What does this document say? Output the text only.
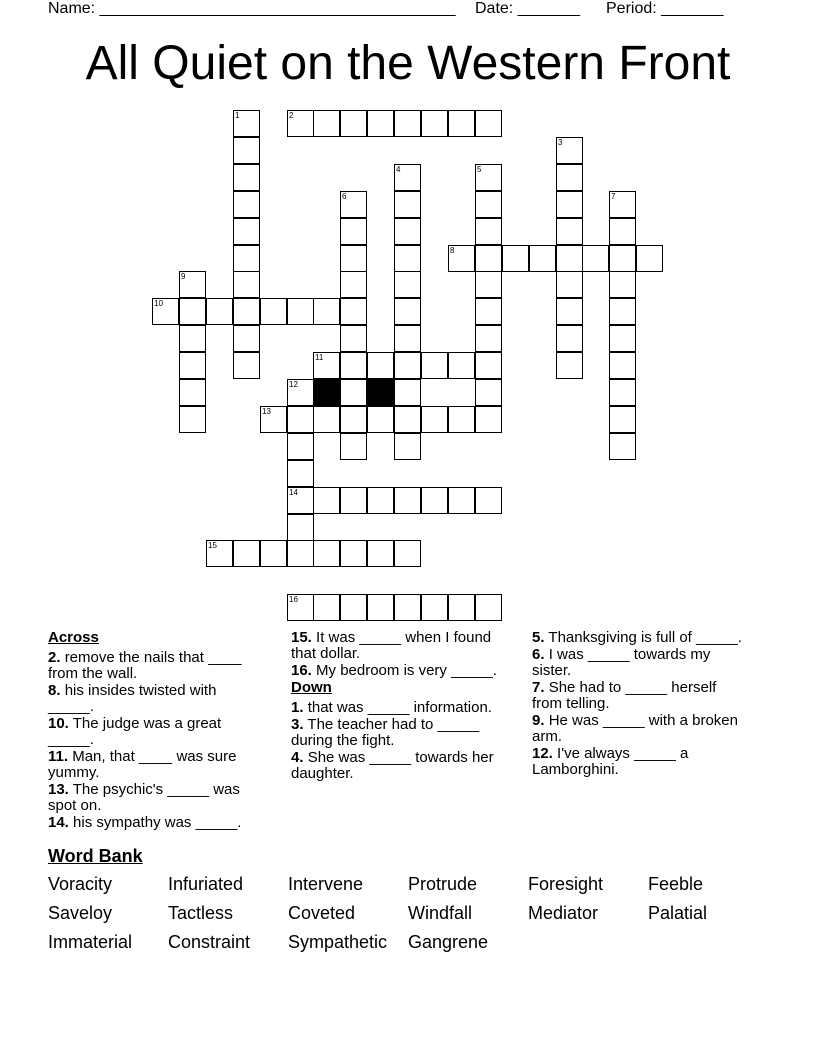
Name: ________________________________________ Date: _______ Period: _______
All Quiet on the Western Front
2
8
10
11
13
14
15
16
1
3
4	5
6	7
9
12
Across
2. remove the nails that ____ from the wall.
8. his insides twisted with _____.
10. The judge was a great _____.
11. Man, that ____ was sure yummy.
13. The psychic's _____ was spot on.
14. his sympathy was _____.
15. It was _____ when I found that dollar.
16. My bedroom is very _____.
Down
1. that was _____ information.
3. The teacher had to _____ during the fight.
4. She was _____ towards her daughter.
5. Thanksgiving is full of _____.
6. I was _____ towards my sister.
7. She had to _____ herself from telling.
9. He was _____ with a broken arm.
12. I've always _____ a Lamborghini.
Word Bank
Voracity	Infuriated Intervene Protrude	Foresight Feeble
Saveloy	Tactless	Coveted	Windfall	Mediator	Palatial
Immaterial Constraint Sympathetic Gangrene
